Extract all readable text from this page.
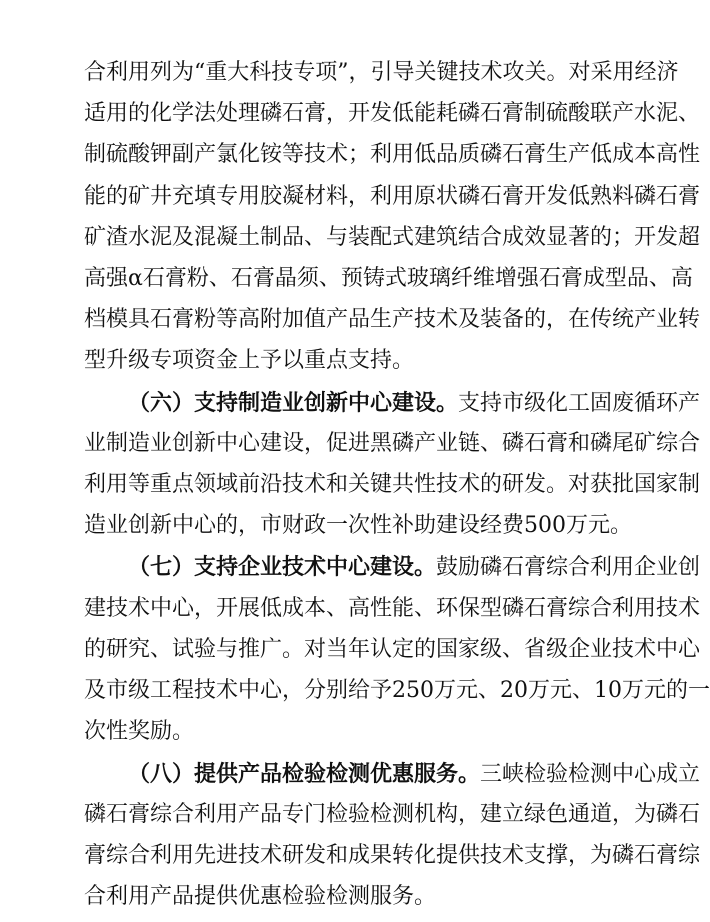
合利用列为“重大科技专项”，引导关键技术攻关。对采用经济
适用的化学法处理磷石膏，开发低能耗磷石膏制硫酸联产水泥、
制硫酸钾副产氯化铵等技术；利用低品质磷石膏生产低成本高性
能的矿井充填专用胶凝材料，利用原状磷石膏开发低熟料磷石膏
矿渣水泥及混凝土制品、与装配式建筑结合成效显著的；开发超
高强α石膏粉、石膏晶须、预铸式玻璃纤维增强石膏成型品、高
档模具石膏粉等高附加值产品生产技术及装备的，在传统产业转
型升级专项资金上予以重点支持。
（六）支持制造业创新中心建设。支持市级化工固废循环产
业制造业创新中心建设，促进黑磷产业链、磷石膏和磷尾矿综合
利用等重点领域前沿技术和关键共性技术的研发。对获批国家制
造业创新中心的，市财政一次性补助建设经费500万元。
（七）支持企业技术中心建设。鼓励磷石膏综合利用企业创
建技术中心，开展低成本、高性能、环保型磷石膏综合利用技术
的研究、试验与推广。对当年认定的国家级、省级企业技术中心
及市级工程技术中心，分别给予250万元、20万元、10万元的一
次性奖励。
（八）提供产品检验检测优惠服务。三峡检验检测中心成立
磷石膏综合利用产品专门检验检测机构，建立绿色通道，为磷石
膏综合利用先进技术研发和成果转化提供技术支撑，为磷石膏综
合利用产品提供优惠检验检测服务。
